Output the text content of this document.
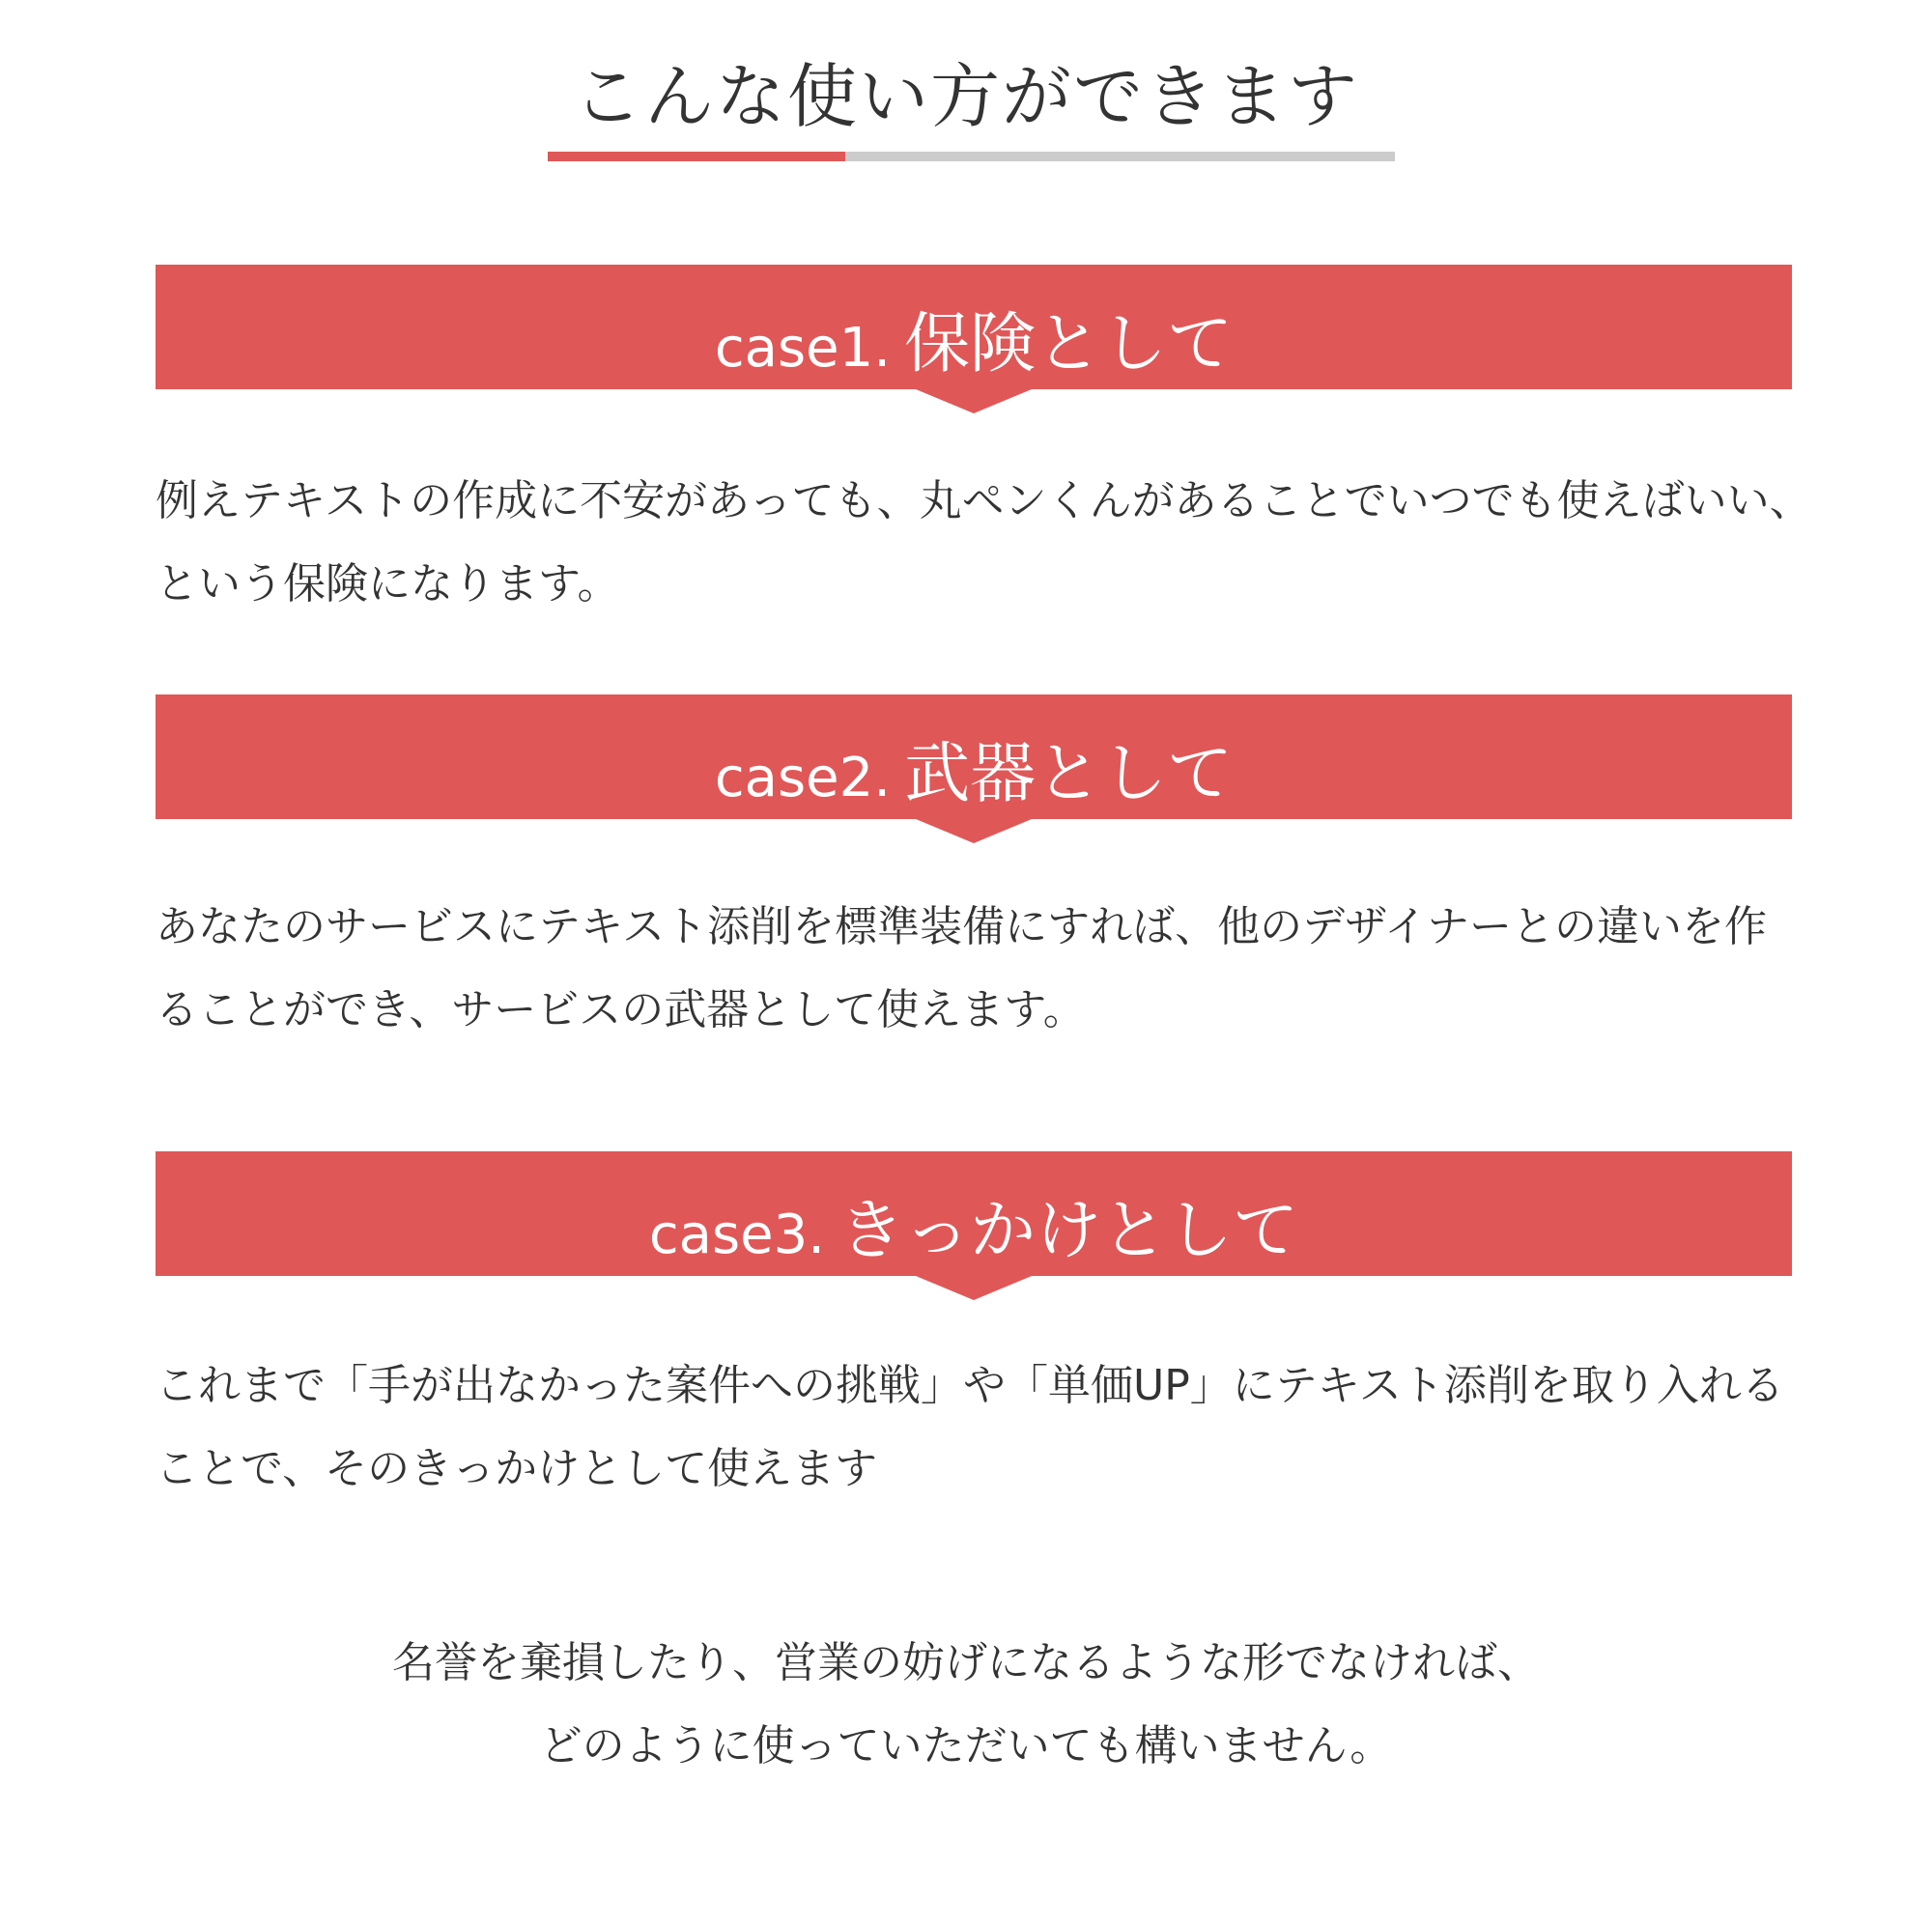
こんな使い方ができます
case1. 保険として

例えテキストの作成に不安があっても、丸ペンくんがあることでいつでも使えばいい、

という保険になります。

case2. 武器として

あなたのサービスにテキスト添削を標準装備にすれば、他のデザイナーとの違いを作

ることができ、サービスの武器として使えます。

case3. きっかけとして

これまで「手が出なかった案件への挑戦」や「単価UP」にテキスト添削を取り入れる

ことで、そのきっかけとして使えます

名誉を棄損したり、営業の妨げになるような形でなければ、

どのように使っていただいても構いません。
